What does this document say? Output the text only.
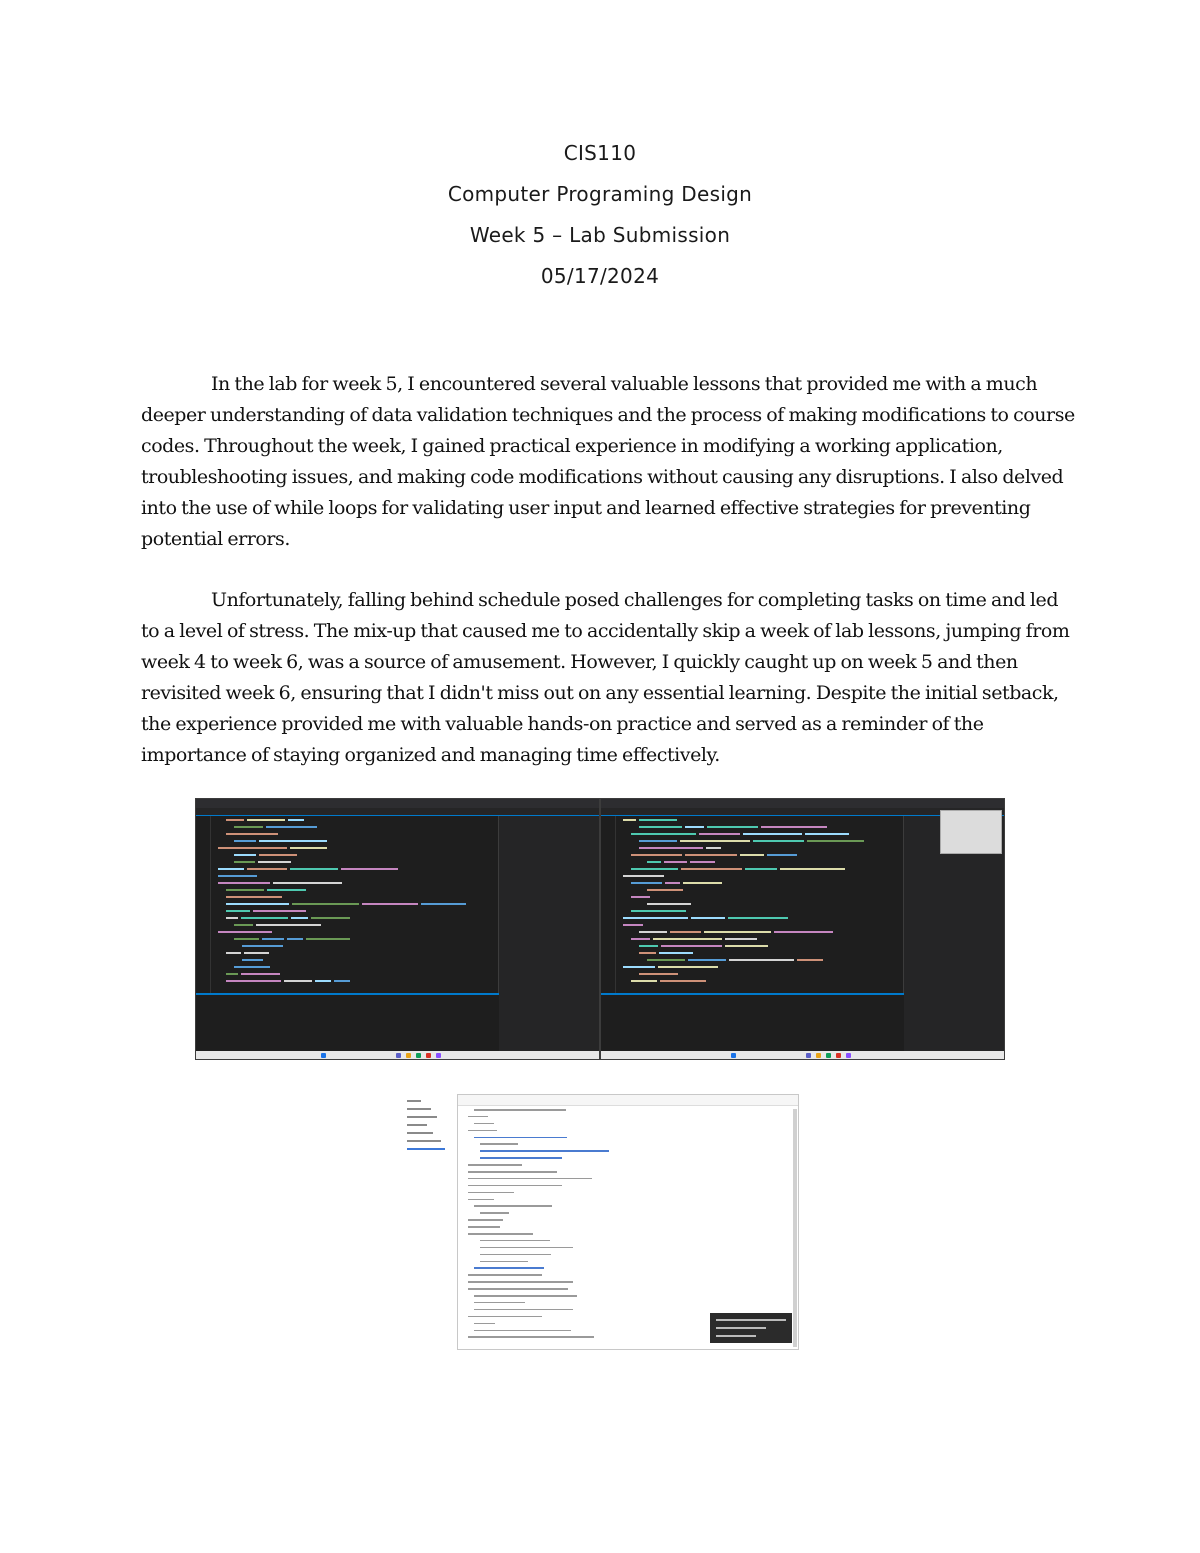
CIS110
Computer Programing Design
Week 5 – Lab Submission
05/17/2024

In the lab for week 5, I encountered several valuable lessons that provided me with a much deeper understanding of data validation techniques and the process of making modifications to course codes. Throughout the week, I gained practical experience in modifying a working application, troubleshooting issues, and making code modifications without causing any disruptions. I also delved into the use of while loops for validating user input and learned effective strategies for preventing potential errors.

Unfortunately, falling behind schedule posed challenges for completing tasks on time and led to a level of stress. The mix-up that caused me to accidentally skip a week of lab lessons, jumping from week 4 to week 6, was a source of amusement. However, I quickly caught up on week 5 and then revisited week 6, ensuring that I didn't miss out on any essential learning. Despite the initial setback, the experience provided me with valuable hands-on practice and served as a reminder of the importance of staying organized and managing time effectively.
